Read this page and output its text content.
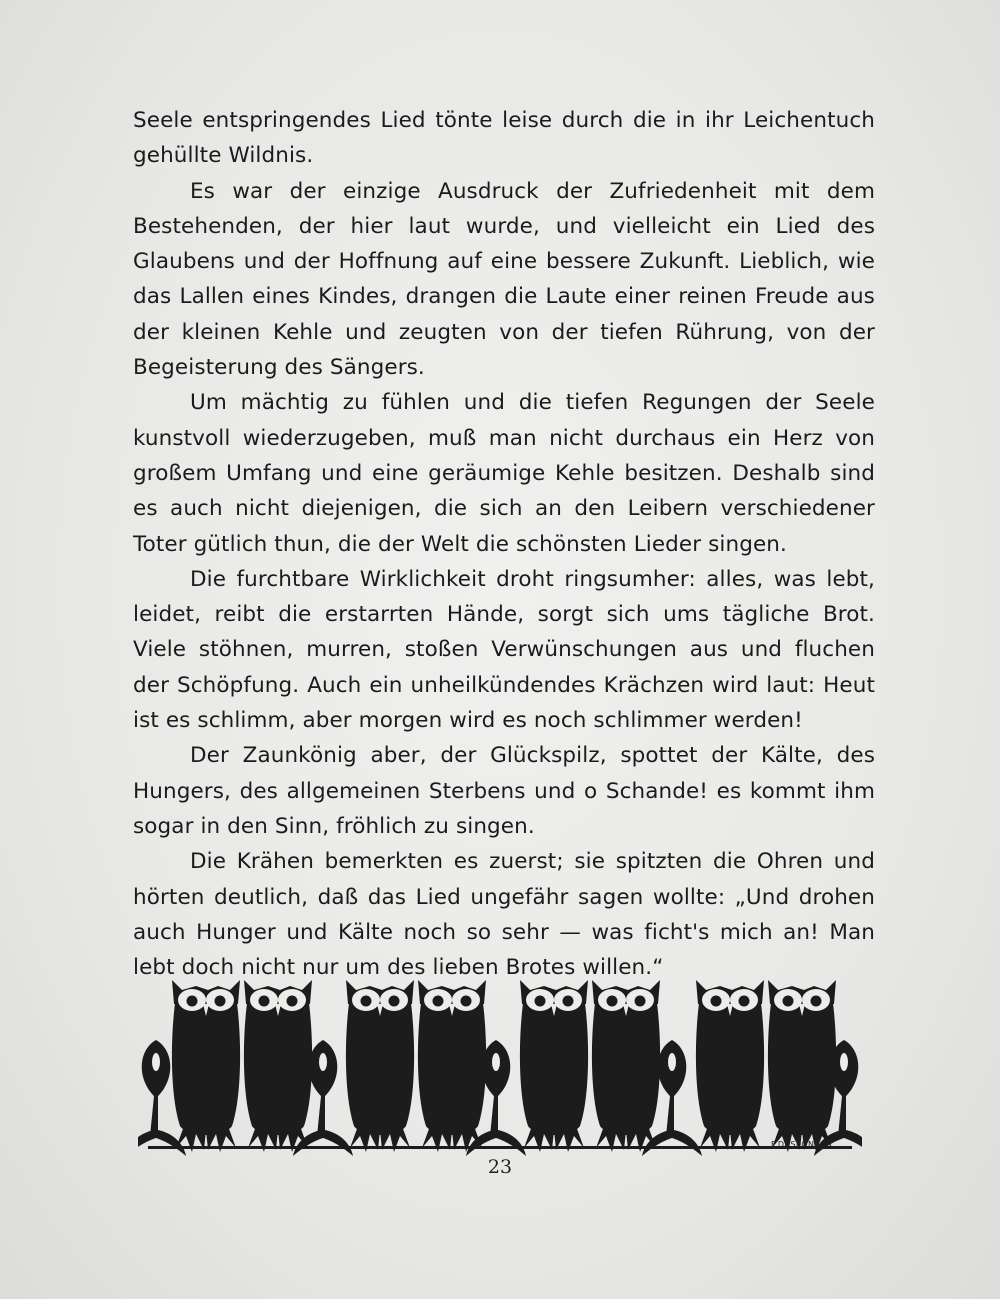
Seele entspringendes Lied tönte leise durch die in ihr Leichentuch gehüllte Wildnis.

Es war der einzige Ausdruck der Zufriedenheit mit dem Bestehenden, der hier laut wurde, und vielleicht ein Lied des Glaubens und der Hoffnung auf eine bessere Zukunft. Lieblich, wie das Lallen eines Kindes, drangen die Laute einer reinen Freude aus der kleinen Kehle und zeugten von der tiefen Rührung, von der Begeisterung des Sängers.

Um mächtig zu fühlen und die tiefen Regungen der Seele kunstvoll wiederzugeben, muß man nicht durchaus ein Herz von großem Umfang und eine geräumige Kehle besitzen. Deshalb sind es auch nicht diejenigen, die sich an den Leibern verschiedener Toter gütlich thun, die der Welt die schönsten Lieder singen.

Die furchtbare Wirklichkeit droht ringsumher: alles, was lebt, leidet, reibt die erstarrten Hände, sorgt sich ums tägliche Brot. Viele stöhnen, murren, stoßen Verwünschungen aus und fluchen der Schöpfung. Auch ein unheilkündendes Krächzen wird laut: Heut ist es schlimm, aber morgen wird es noch schlimmer werden!

Der Zaunkönig aber, der Glückspilz, spottet der Kälte, des Hungers, des allgemeinen Sterbens und o Schande! es kommt ihm sogar in den Sinn, fröhlich zu singen.

Die Krähen bemerkten es zuerst; sie spitzten die Ohren und hörten deutlich, daß das Lied ungefähr sagen wollte: „Und drohen auch Hunger und Kälte noch so sehr — was ficht's mich an! Man lebt doch nicht nur um des lieben Brotes willen.“

F.DASKONA
23
